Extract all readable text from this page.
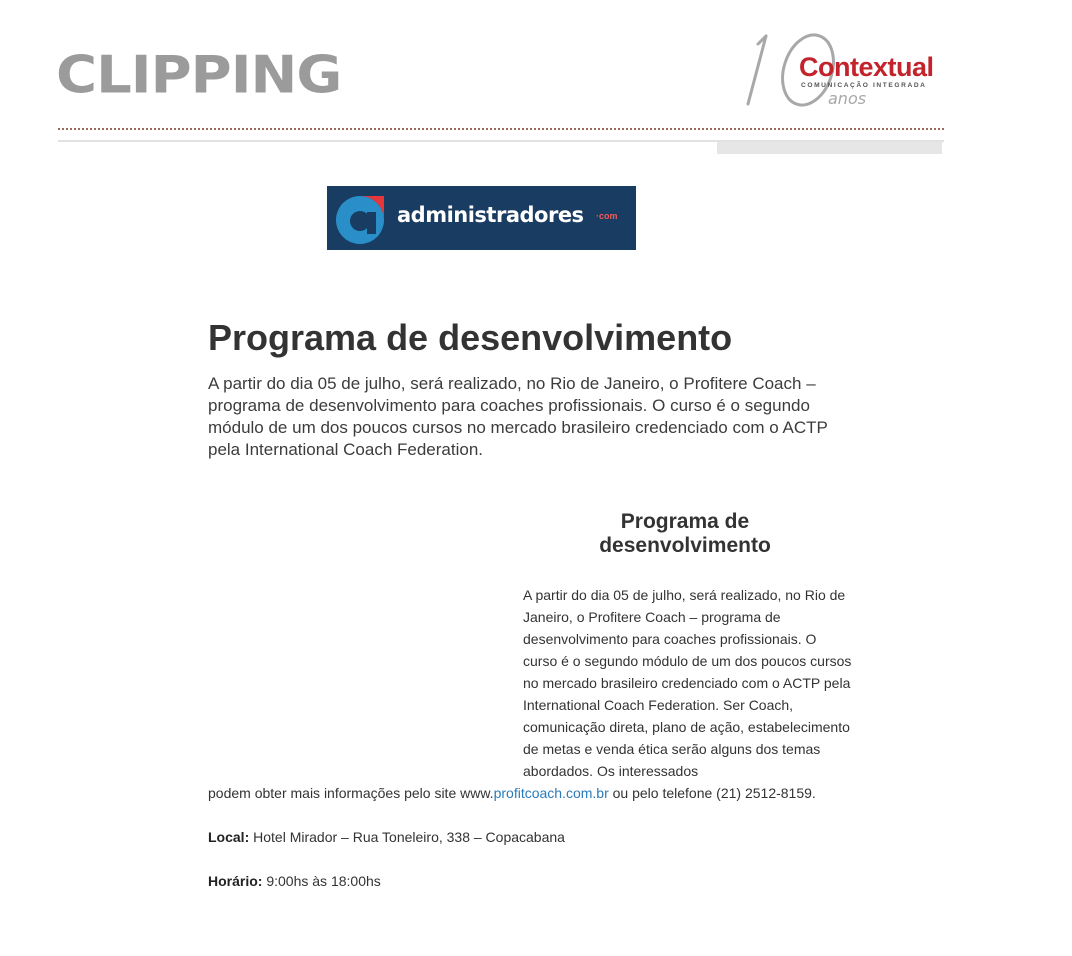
CLIPPING	Contextual
COMUNICAÇÃO INTEGRADA
anos
administradores ·com
Programa de desenvolvimento

A partir do dia 05 de julho, será realizado, no Rio de Janeiro, o Profitere Coach – programa de desenvolvimento para coaches profissionais. O curso é o segundo módulo de um dos poucos cursos no mercado brasileiro credenciado com o ACTP pela International Coach Federation.

Programa de desenvolvimento

A partir do dia 05 de julho, será realizado, no Rio de Janeiro, o Profitere Coach – programa de desenvolvimento para coaches profissionais. O curso é o segundo módulo de um dos poucos cursos no mercado brasileiro credenciado com o ACTP pela International Coach Federation. Ser Coach, comunicação direta, plano de ação, estabelecimento de metas e venda ética serão alguns dos temas abordados. Os interessados

podem obter mais informações pelo site www.profitcoach.com.br ou pelo telefone (21) 2512-8159.

Local: Hotel Mirador – Rua Toneleiro, 338 – Copacabana

Horário: 9:00hs às 18:00hs
